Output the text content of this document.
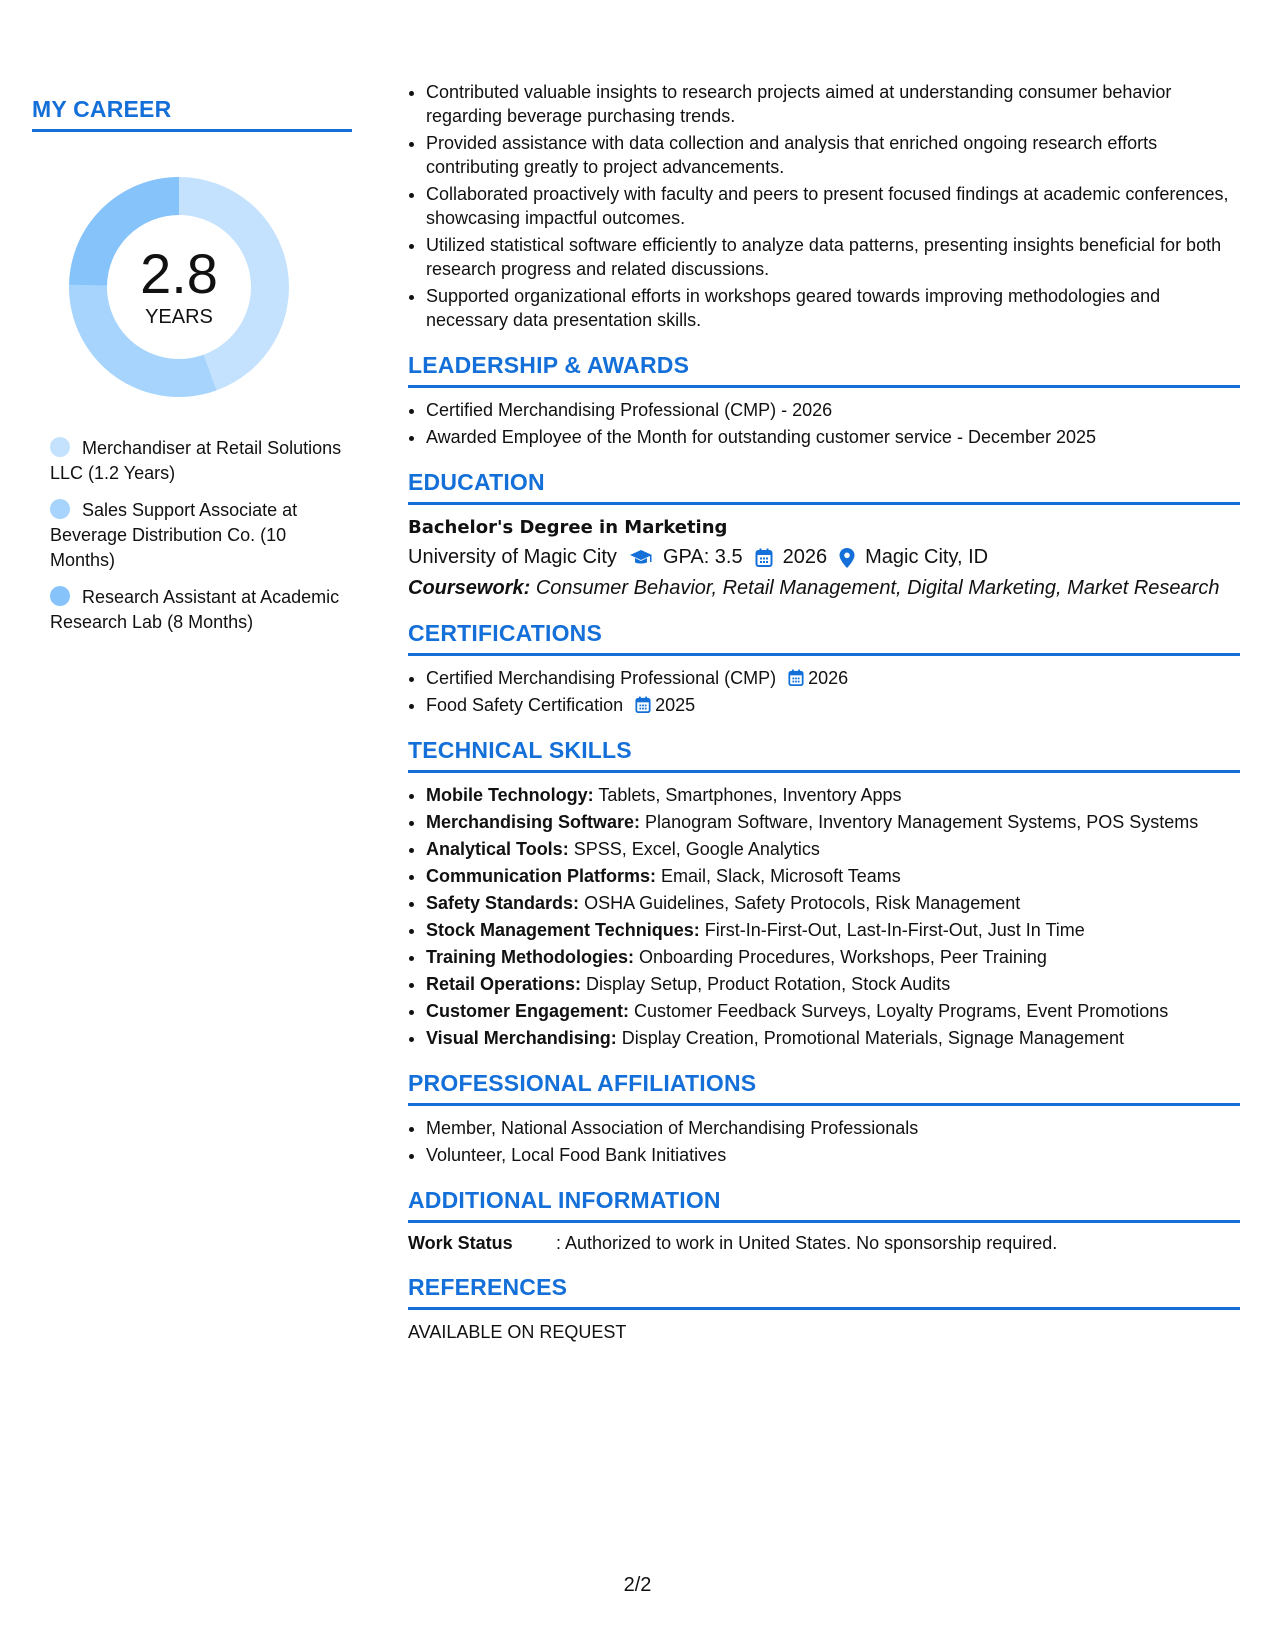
MY CAREER
2.8
YEARS
Merchandiser at Retail Solutions LLC (1.2 Years)
Sales Support Associate at Beverage Distribution Co. (10 Months)
Research Assistant at Academic Research Lab (8 Months)
• Contributed valuable insights to research projects aimed at understanding consumer behavior regarding beverage purchasing trends.
• Provided assistance with data collection and analysis that enriched ongoing research efforts contributing greatly to project advancements.
• Collaborated proactively with faculty and peers to present focused findings at academic conferences, showcasing impactful outcomes.
• Utilized statistical software efficiently to analyze data patterns, presenting insights beneficial for both research progress and related discussions.
• Supported organizational efforts in workshops geared towards improving methodologies and necessary data presentation skills.
LEADERSHIP & AWARDS
• Certified Merchandising Professional (CMP) - 2026
• Awarded Employee of the Month for outstanding customer service - December 2025
EDUCATION
Bachelor's Degree in Marketing
University of Magic City GPA: 3.5 2026 Magic City, ID
Coursework: Consumer Behavior, Retail Management, Digital Marketing, Market Research
CERTIFICATIONS
• Certified Merchandising Professional (CMP) 2026
• Food Safety Certification 2025
TECHNICAL SKILLS
• Mobile Technology: Tablets, Smartphones, Inventory Apps
• Merchandising Software: Planogram Software, Inventory Management Systems, POS Systems
• Analytical Tools: SPSS, Excel, Google Analytics
• Communication Platforms: Email, Slack, Microsoft Teams
• Safety Standards: OSHA Guidelines, Safety Protocols, Risk Management
• Stock Management Techniques: First-In-First-Out, Last-In-First-Out, Just In Time
• Training Methodologies: Onboarding Procedures, Workshops, Peer Training
• Retail Operations: Display Setup, Product Rotation, Stock Audits
• Customer Engagement: Customer Feedback Surveys, Loyalty Programs, Event Promotions
• Visual Merchandising: Display Creation, Promotional Materials, Signage Management
PROFESSIONAL AFFILIATIONS
• Member, National Association of Merchandising Professionals
• Volunteer, Local Food Bank Initiatives
ADDITIONAL INFORMATION
Work Status	: Authorized to work in United States. No sponsorship required.
REFERENCES
AVAILABLE ON REQUEST
2/2
